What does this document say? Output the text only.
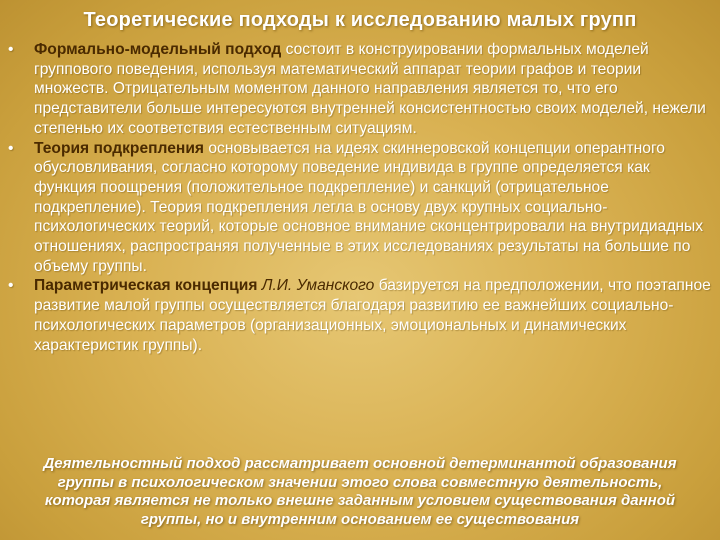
Теоретические подходы к исследованию малых групп
•	Формально-модельный подход состоит в конструировании формальных моделей группового поведения, используя математический аппарат теории графов и теории множеств. Отрицательным моментом данного направления является то, что его представители больше интересуются внутренней консистентностью своих моделей, нежели степенью их соответствия естественным ситуациям.
•	Теория подкрепления основывается на идеях скиннеровской концепции оперантного обусловливания, согласно которому поведение индивида в группе определяется как функция поощрения (положительное подкрепление) и санкций (отрицательное подкрепление). Теория подкрепления легла в основу двух крупных социально-психологических теорий, которые основное внимание сконцентрировали на внутридиадных отношениях, распространяя полученные в этих исследованиях результаты на большие по объему группы.
•	Параметрическая концепция Л.И. Уманского базируется на предположении, что поэтапное развитие малой группы осуществляется благодаря развитию ее важнейших социально-психологических параметров (организационных, эмоциональных и динамических характеристик группы).
Деятельностный подход рассматривает основной детерминантой образования группы в психологическом значении этого слова совместную деятельность, которая является не только внешне заданным условием существования данной группы, но и внутренним основанием ее существования
